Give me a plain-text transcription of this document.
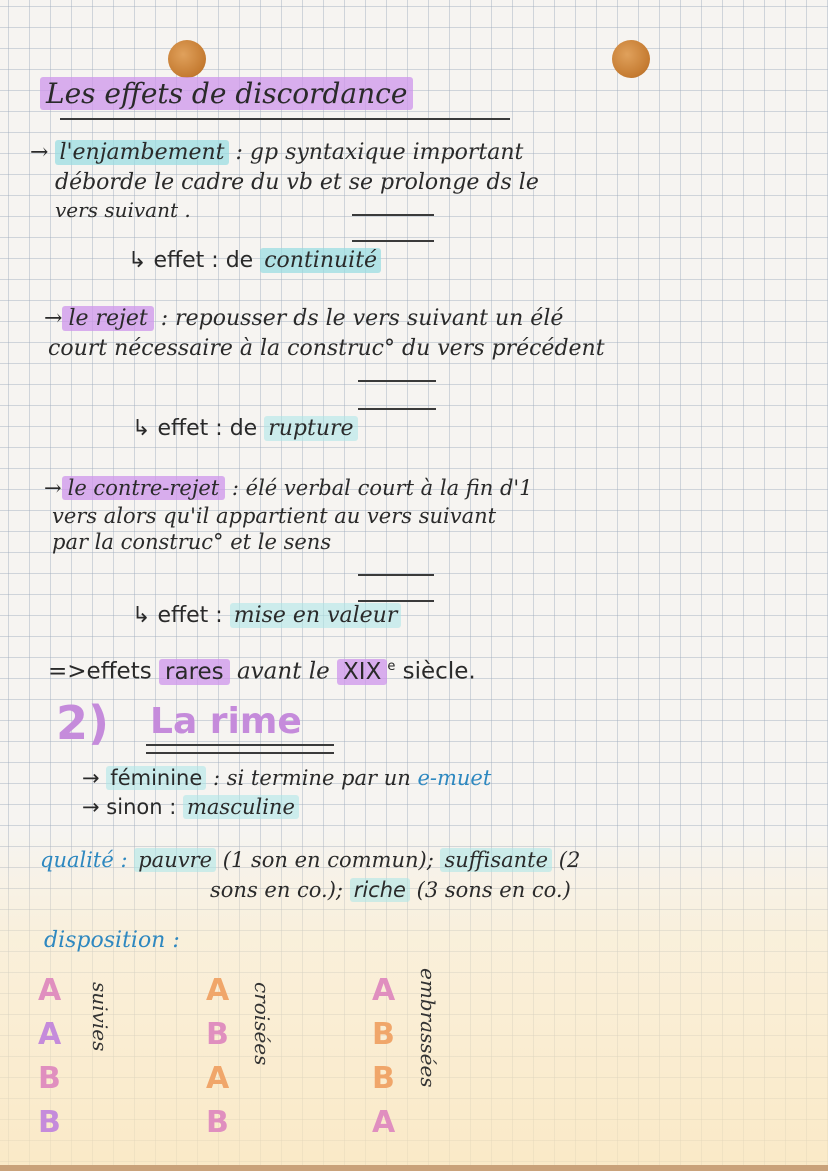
Les effets de discordance
→ l'enjambement : gp syntaxique important
déborde le cadre du vb et se prolonge ds le
vers suivant .
↳ effet : de continuité
→ le rejet : repousser ds le vers suivant un élé
court nécessaire à la construc° du vers précédent
↳ effet : de rupture
→ le contre-rejet : élé verbal court à la fin d'1
vers alors qu'il appartient au vers suivant
par la construc° et le sens
↳ effet : mise en valeur
=>effets rares avant le XIX $^e$ siècle.
2) La rime
→ féminine : si termine par un e-muet
→ sinon : masculine
qualité : pauvre (1 son en commun); suffisante (2
sons en co.); riche (3 sons en co.)
disposition :
A
A
B
B
suivies	A
B
A
B
croisées	A
B
B
A
embrassées
